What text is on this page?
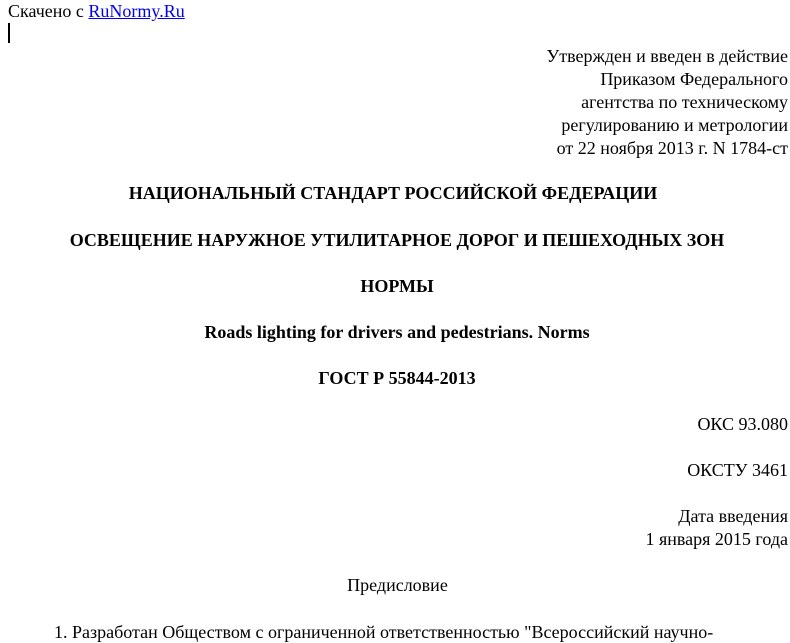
Скачено с RuNormy.Ru
Утвержден и введен в действие
Приказом Федерального
агентства по техническому
регулированию и метрологии
от 22 ноября 2013 г. N 1784-ст
НАЦИОНАЛЬНЫЙ СТАНДАРТ РОССИЙСКОЙ ФЕДЕРАЦИИ
ОСВЕЩЕНИЕ НАРУЖНОЕ УТИЛИТАРНОЕ ДОРОГ И ПЕШЕХОДНЫХ ЗОН
НОРМЫ
Roads lighting for drivers and pedestrians. Norms
ГОСТ Р 55844-2013
ОКС 93.080
ОКСТУ 3461
Дата введения
1 января 2015 года
Предисловие
1. Разработан Обществом с ограниченной ответственностью "Всероссийский научно-
